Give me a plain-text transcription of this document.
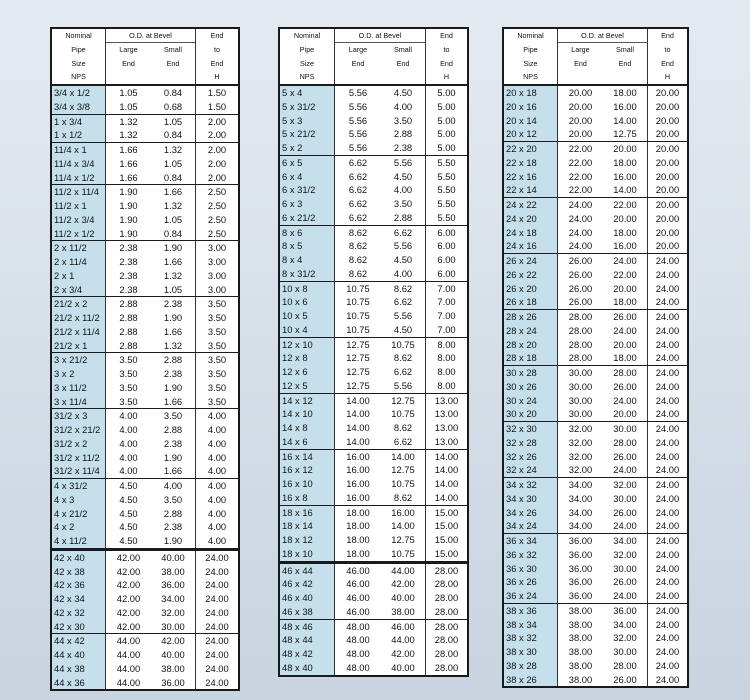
Nominal	O.D. at Bevel	End
Pipe	Large	Small	to
Size	End	End	End
NPS	H
3/4 x 1/2	1.05	0.84	1.50
3/4 x 3/8	1.05	0.68	1.50
1 x 3/4	1.32	1.05	2.00
1 x 1/2	1.32	0.84	2.00
11/4 x 1	1.66	1.32	2.00
11/4 x 3/4	1.66	1.05	2.00
11/4 x 1/2	1.66	0.84	2.00
11/2 x 11/4	1.90	1.66	2.50
11/2 x 1	1.90	1.32	2.50
11/2 x 3/4	1.90	1.05	2.50
11/2 x 1/2	1.90	0.84	2.50
2 x 11/2	2.38	1.90	3.00
2 x 11/4	2.38	1.66	3.00
2 x 1	2.38	1.32	3.00
2 x 3/4	2.38	1.05	3.00
21/2 x 2	2.88	2.38	3.50
21/2 x 11/2	2.88	1.90	3.50
21/2 x 11/4	2.88	1.66	3.50
21/2 x 1	2.88	1.32	3.50
3 x 21/2	3.50	2.88	3.50
3 x 2	3.50	2.38	3.50
3 x 11/2	3.50	1.90	3.50
3 x 11/4	3.50	1.66	3.50
31/2 x 3	4.00	3.50	4.00
31/2 x 21/2	4.00	2.88	4.00
31/2 x 2	4.00	2.38	4.00
31/2 x 11/2	4.00	1.90	4.00
31/2 x 11/4	4.00	1.66	4.00
4 x 31/2	4.50	4.00	4.00
4 x 3	4.50	3.50	4.00
4 x 21/2	4.50	2.88	4.00
4 x 2	4.50	2.38	4.00
4 x 11/2	4.50	1.90	4.00
42 x 40	42.00	40.00	24.00
42 x 38	42.00	38.00	24.00
42 x 36	42.00	36.00	24.00
42 x 34	42.00	34.00	24.00
42 x 32	42.00	32.00	24.00
42 x 30	42.00	30.00	24.00
44 x 42	44.00	42.00	24.00
44 x 40	44.00	40.00	24.00
44 x 38	44.00	38.00	24.00
44 x 36	44.00	36.00	24.00
Nominal	O.D. at Bevel	End
Pipe	Large	Small	to
Size	End	End	End
NPS	H
5 x 4	5.56	4.50	5.00
5 x 31/2	5.56	4.00	5.00
5 x 3	5.56	3.50	5.00
5 x 21/2	5.56	2.88	5.00
5 x 2	5.56	2.38	5.00
6 x 5	6.62	5.56	5.50
6 x 4	6.62	4.50	5.50
6 x 31/2	6.62	4.00	5.50
6 x 3	6.62	3.50	5.50
6 x 21/2	6.62	2.88	5.50
8 x 6	8.62	6.62	6.00
8 x 5	8.62	5.56	6.00
8 x 4	8.62	4.50	6.00
8 x 31/2	8.62	4.00	6.00
10 x 8	10.75	8.62	7.00
10 x 6	10.75	6.62	7.00
10 x 5	10.75	5.56	7.00
10 x 4	10.75	4.50	7.00
12 x 10	12.75	10.75	8.00
12 x 8	12.75	8.62	8.00
12 x 6	12.75	6.62	8.00
12 x 5	12.75	5.56	8.00
14 x 12	14.00	12.75	13.00
14 x 10	14.00	10.75	13.00
14 x 8	14.00	8.62	13.00
14 x 6	14.00	6.62	13.00
16 x 14	16.00	14.00	14.00
16 x 12	16.00	12.75	14.00
16 x 10	16.00	10.75	14.00
16 x 8	16.00	8.62	14.00
18 x 16	18.00	16.00	15.00
18 x 14	18.00	14.00	15.00
18 x 12	18.00	12.75	15.00
18 x 10	18.00	10.75	15.00
46 x 44	46.00	44.00	28.00
46 x 42	46.00	42.00	28.00
46 x 40	46.00	40.00	28.00
46 x 38	46.00	38.00	28.00
48 x 46	48.00	46.00	28.00
48 x 44	48.00	44.00	28.00
48 x 42	48.00	42.00	28.00
48 x 40	48.00	40.00	28.00
Nominal	O.D. at Bevel	End
Pipe	Large	Small	to
Size	End	End	End
NPS	H
20 x 18	20.00	18.00	20.00
20 x 16	20.00	16.00	20.00
20 x 14	20.00	14.00	20.00
20 x 12	20.00	12.75	20.00
22 x 20	22.00	20.00	20.00
22 x 18	22.00	18.00	20.00
22 x 16	22.00	16.00	20.00
22 x 14	22.00	14.00	20.00
24 x 22	24.00	22.00	20.00
24 x 20	24.00	20.00	20.00
24 x 18	24.00	18.00	20.00
24 x 16	24.00	16.00	20.00
26 x 24	26.00	24.00	24.00
26 x 22	26.00	22.00	24.00
26 x 20	26.00	20.00	24.00
26 x 18	26.00	18.00	24.00
28 x 26	28.00	26.00	24.00
28 x 24	28.00	24.00	24.00
28 x 20	28.00	20.00	24.00
28 x 18	28.00	18.00	24.00
30 x 28	30.00	28.00	24.00
30 x 26	30.00	26.00	24.00
30 x 24	30.00	24.00	24.00
30 x 20	30.00	20.00	24.00
32 x 30	32.00	30.00	24.00
32 x 28	32.00	28.00	24.00
32 x 26	32.00	26.00	24.00
32 x 24	32.00	24.00	24.00
34 x 32	34.00	32.00	24.00
34 x 30	34.00	30.00	24.00
34 x 26	34.00	26.00	24.00
34 x 24	34.00	24.00	24.00
36 x 34	36.00	34.00	24.00
36 x 32	36.00	32.00	24.00
36 x 30	36.00	30.00	24.00
36 x 26	36.00	26.00	24.00
36 x 24	36.00	24.00	24.00
38 x 36	38.00	36.00	24.00
38 x 34	38.00	34.00	24.00
38 x 32	38.00	32.00	24.00
38 x 30	38.00	30.00	24.00
38 x 28	38.00	28.00	24.00
38 x 26	38.00	26.00	24.00
